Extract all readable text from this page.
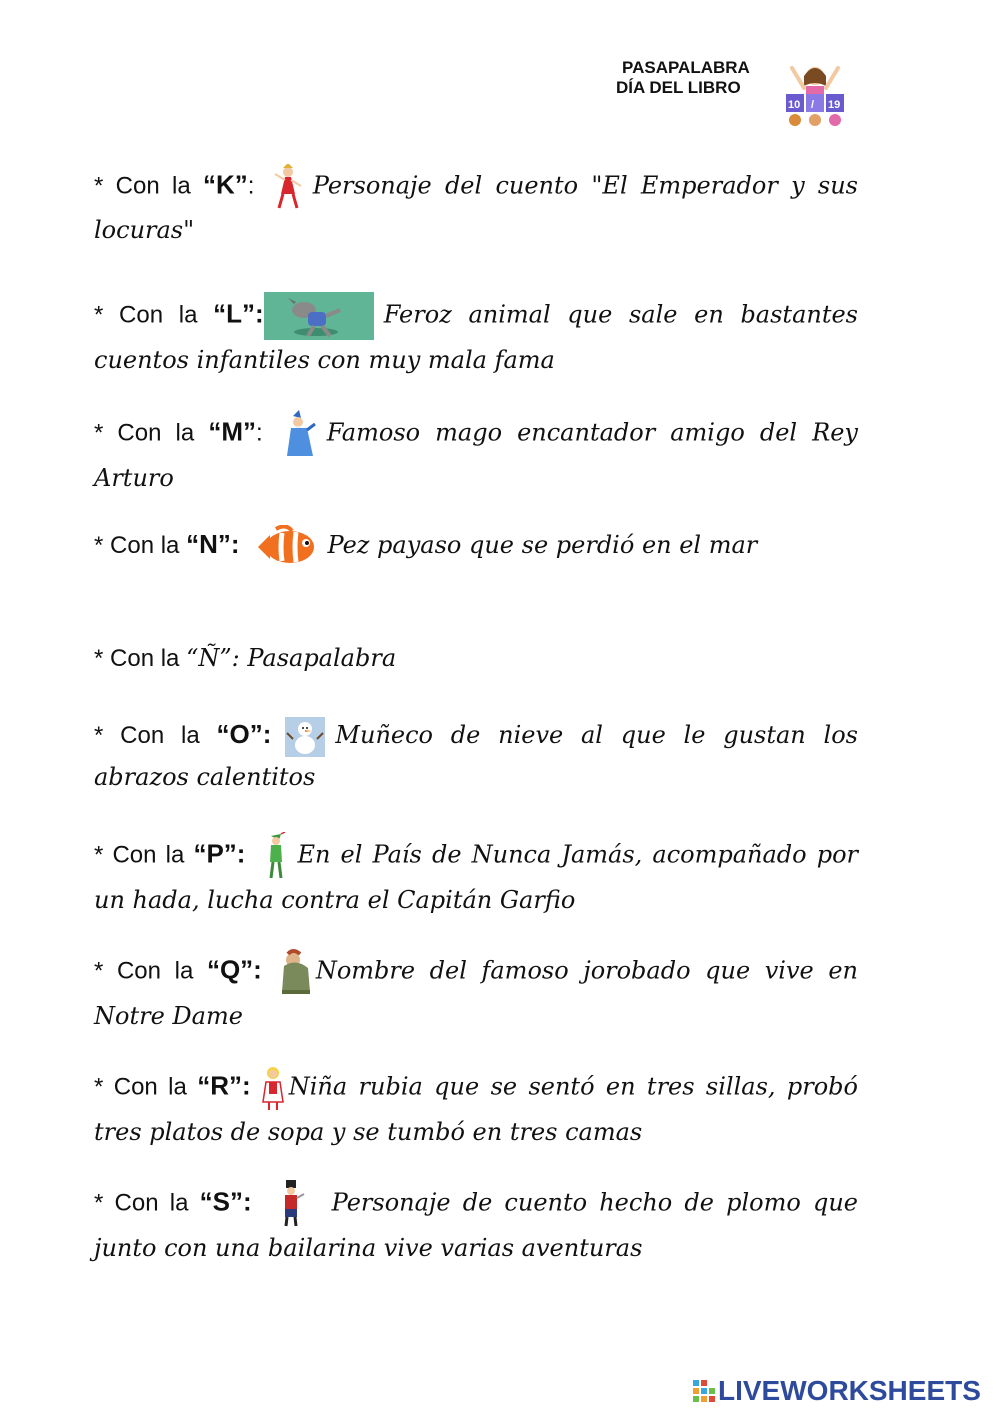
PASAPALABRA
DÍA DEL LIBRO
10 / 19
* Con la “K”:
Personaje del cuento "El Emperador y sus locuras"
* Con la “L”:	Feroz animal que sale en bastantes cuentos infantiles con muy mala fama
* Con la “M”:
Famoso mago encantador amigo del Rey Arturo
* Con la “N”:	Pez payaso que se perdió en el mar
* Con la “Ñ”: Pasapalabra
* Con la “O”:	Muñeco de nieve al que le gustan los abrazos calentitos
* Con la “P”: En el País de Nunca Jamás, acompañado por un hada, lucha contra el Capitán Garfio
* Con la “Q”: Nombre del famoso jorobado que vive en Notre Dame
* Con la “R”: Niña rubia que se sentó en tres sillas, probó tres platos de sopa y se tumbó en tres camas
* Con la “S”:	Personaje de cuento hecho de plomo que junto con una bailarina vive varias aventuras
LIVEWORKSHEETS
